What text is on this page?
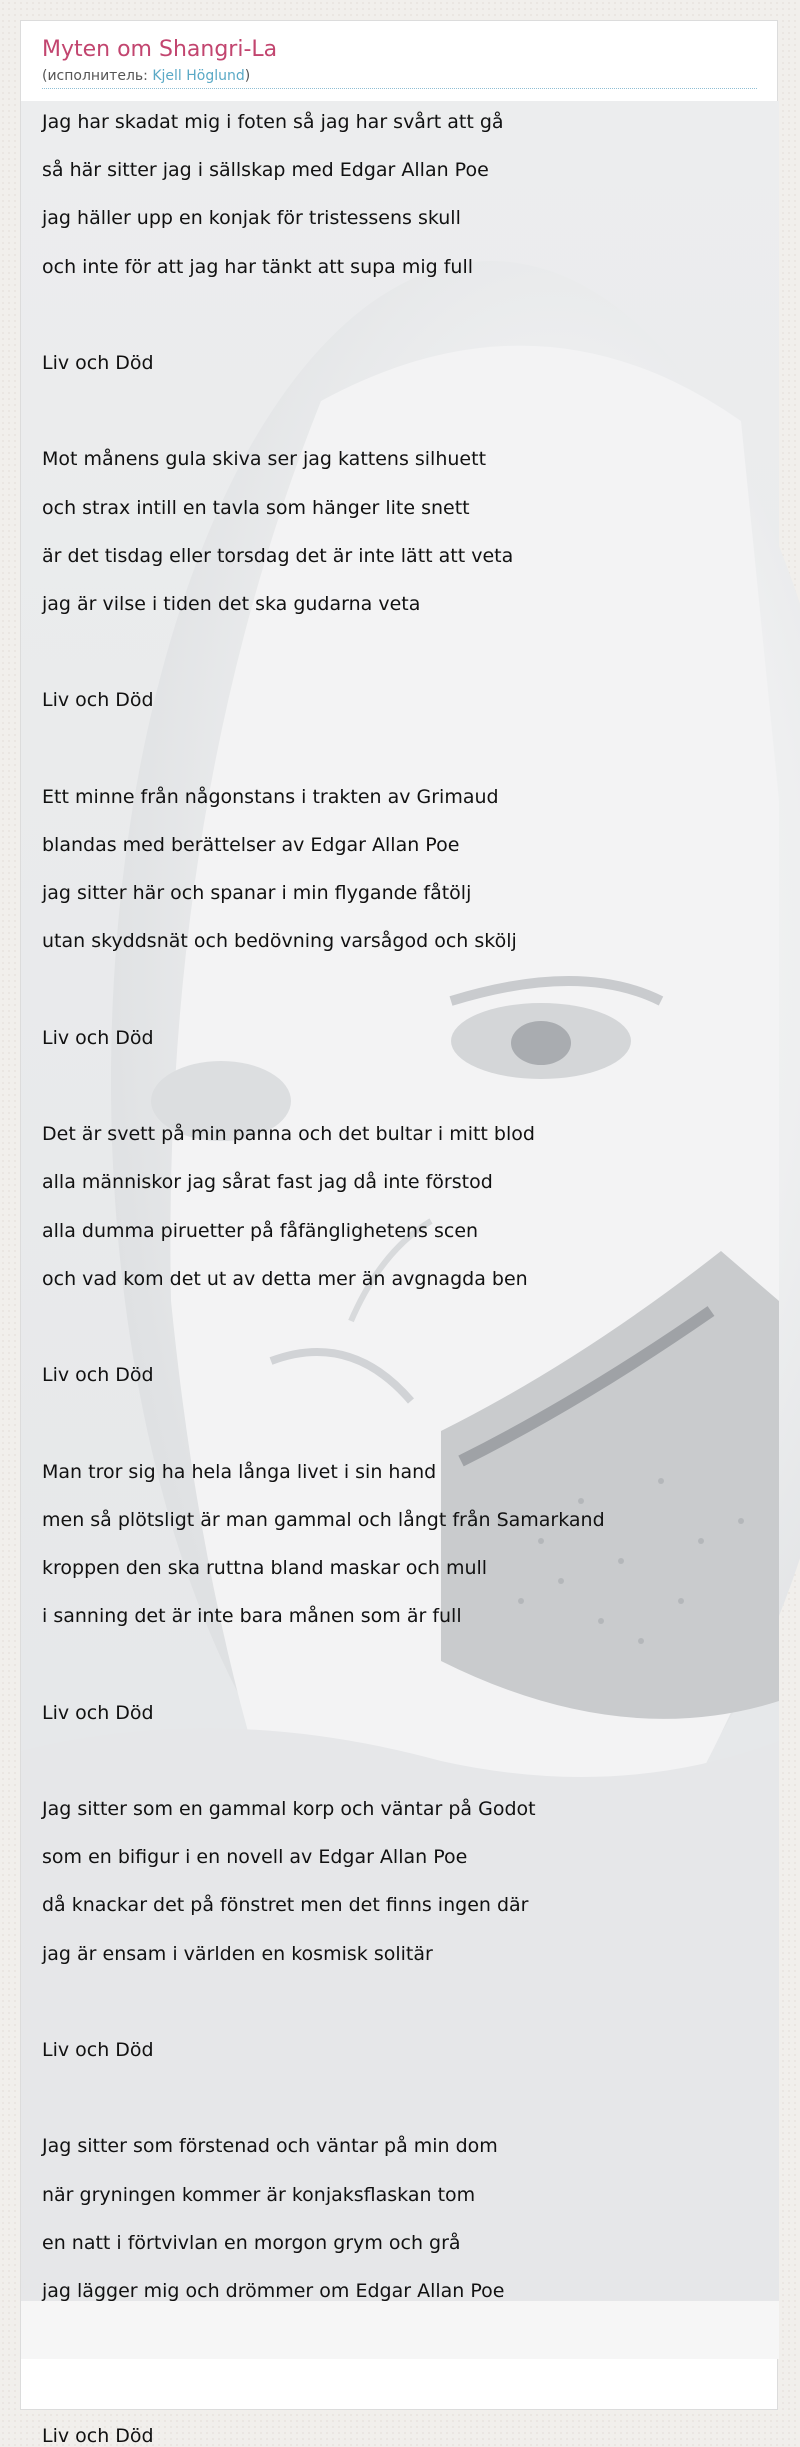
Myten om Shangri-La
(исполнитель: Kjell Höglund)
Jag har skadat mig i foten så jag har svårt att gå
så här sitter jag i sällskap med Edgar Allan Poe
jag häller upp en konjak för tristessens skull
och inte för att jag har tänkt att supa mig full
Liv och Död
Mot månens gula skiva ser jag kattens silhuett
och strax intill en tavla som hänger lite snett
är det tisdag eller torsdag det är inte lätt att veta
jag är vilse i tiden det ska gudarna veta
Liv och Död
Ett minne från någonstans i trakten av Grimaud
blandas med berättelser av Edgar Allan Poe
jag sitter här och spanar i min flygande fåtölj
utan skyddsnät och bedövning varsågod och skölj
Liv och Död
Det är svett på min panna och det bultar i mitt blod
alla människor jag sårat fast jag då inte förstod
alla dumma piruetter på fåfänglighetens scen
och vad kom det ut av detta mer än avgnagda ben
Liv och Död
Man tror sig ha hela långa livet i sin hand
men så plötsligt är man gammal och långt från Samarkand
kroppen den ska ruttna bland maskar och mull
i sanning det är inte bara månen som är full
Liv och Död
Jag sitter som en gammal korp och väntar på Godot
som en bifigur i en novell av Edgar Allan Poe
då knackar det på fönstret men det finns ingen där
jag är ensam i världen en kosmisk solitär
Liv och Död
Jag sitter som förstenad och väntar på min dom
när gryningen kommer är konjaksflaskan tom
en natt i förtvivlan en morgon grym och grå
jag lägger mig och drömmer om Edgar Allan Poe
Liv och Död
